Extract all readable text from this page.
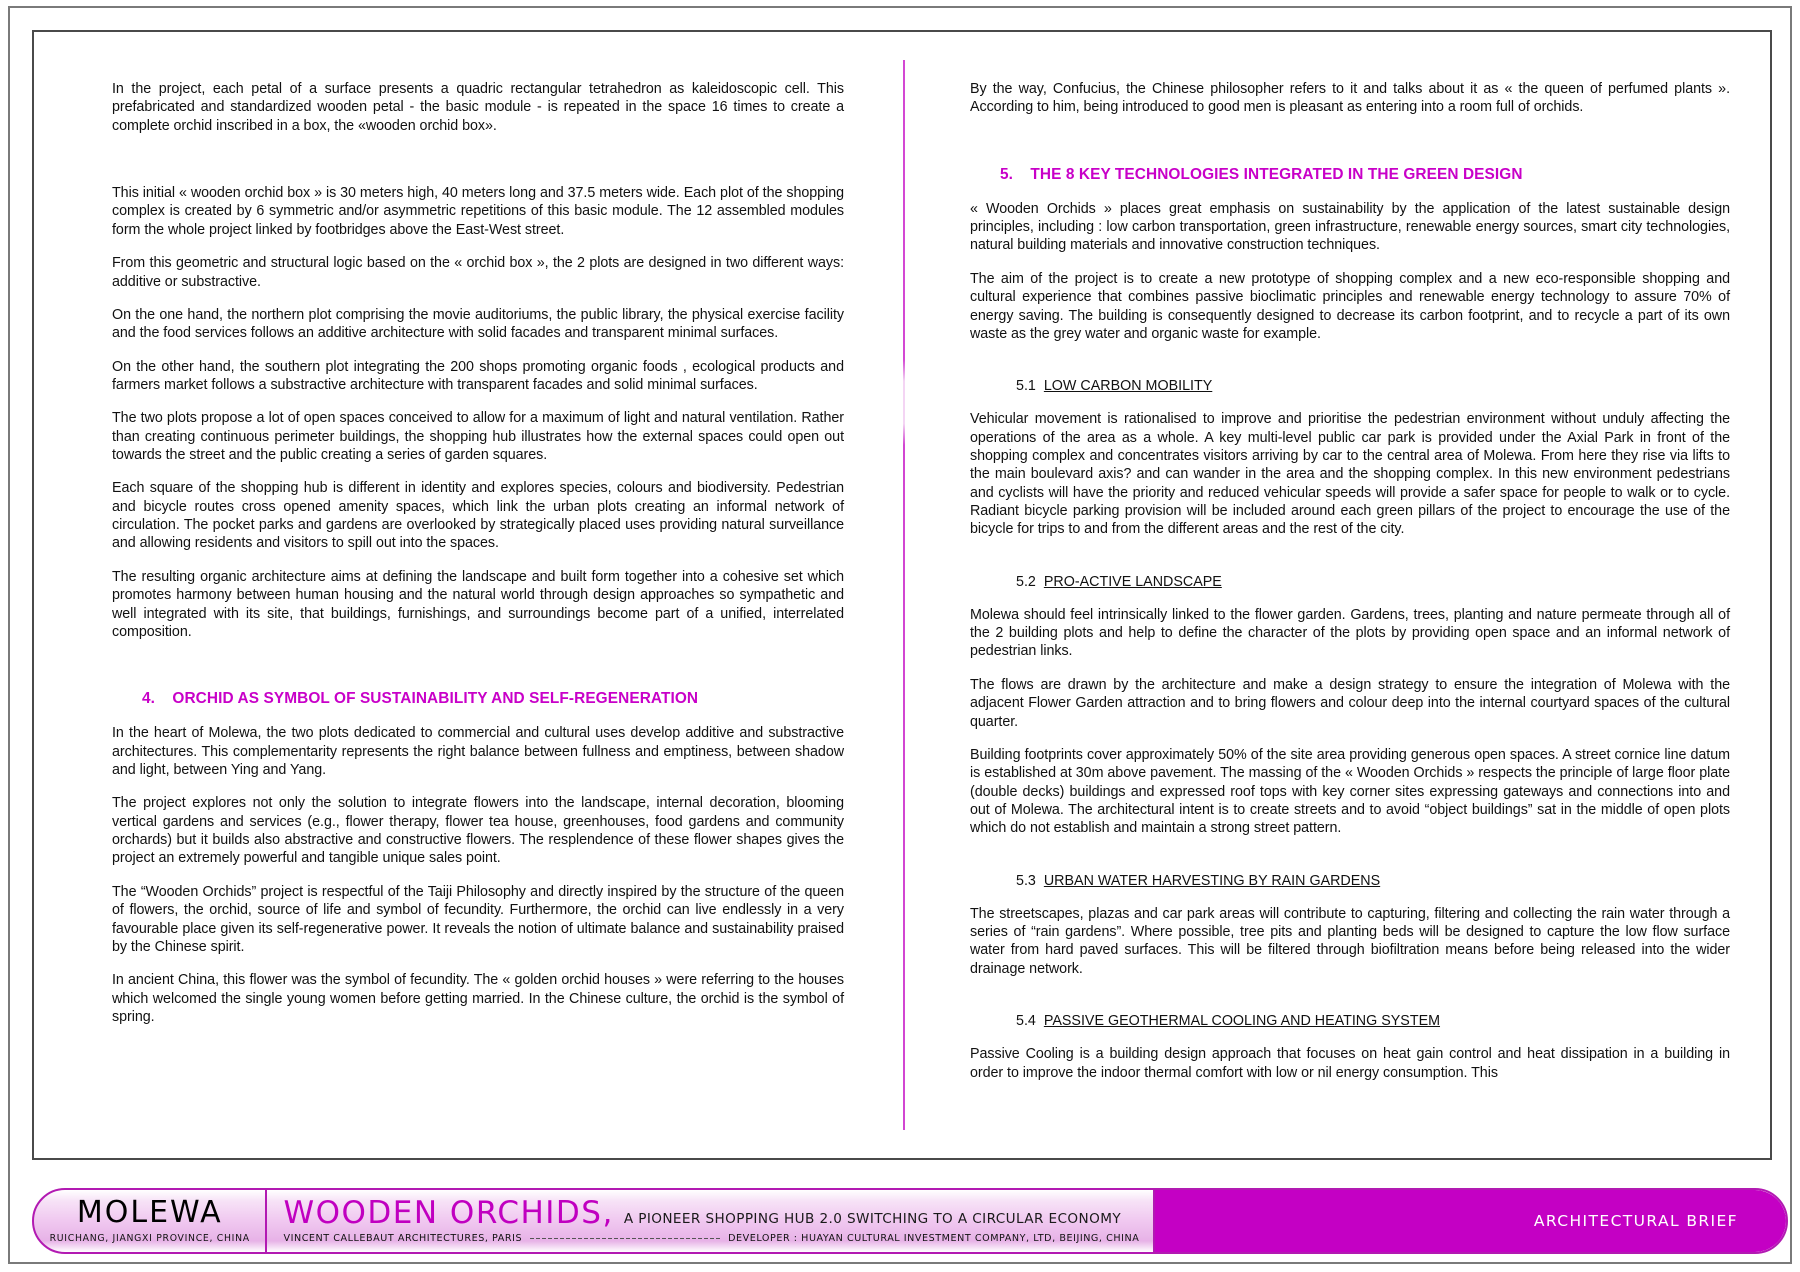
In the project, each petal of a surface presents a quadric rectangular tetrahedron as kaleidoscopic cell. This prefabricated and standardized wooden petal - the basic module - is repeated in the space 16 times to create a complete orchid inscribed in a box, the «wooden orchid box».

This initial « wooden orchid box » is 30 meters high, 40 meters long and 37.5 meters wide. Each plot of the shopping complex is created by 6 symmetric and/or asymmetric repetitions of this basic module. The 12 assembled modules form the whole project linked by footbridges above the East-West street.

From this geometric and structural logic based on the « orchid box », the 2 plots are designed in two different ways: additive or substractive.

On the one hand, the northern plot comprising the movie auditoriums, the public library, the physical exercise facility and the food services follows an additive architecture with solid facades and transparent minimal surfaces.

On the other hand, the southern plot integrating the 200 shops promoting organic foods , ecological products and farmers market follows a substractive architecture with transparent facades and solid minimal surfaces.

The two plots propose a lot of open spaces conceived to allow for a maximum of light and natural ventilation. Rather than creating continuous perimeter buildings, the shopping hub illustrates how the external spaces could open out towards the street and the public creating a series of garden squares.

Each square of the shopping hub is different in identity and explores species, colours and biodiversity. Pedestrian and bicycle routes cross opened amenity spaces, which link the urban plots creating an informal network of circulation. The pocket parks and gardens are overlooked by strategically placed uses providing natural surveillance and allowing residents and visitors to spill out into the spaces.

The resulting organic architecture aims at defining the landscape and built form together into a cohesive set which promotes harmony between human housing and the natural world through design approaches so sympathetic and well integrated with its site, that buildings, furnishings, and surroundings become part of a unified, interrelated composition.

4. ORCHID AS SYMBOL OF SUSTAINABILITY AND SELF-REGENERATION

In the heart of Molewa, the two plots dedicated to commercial and cultural uses develop additive and substractive architectures. This complementarity represents the right balance between fullness and emptiness, between shadow and light, between Ying and Yang.

The project explores not only the solution to integrate flowers into the landscape, internal decoration, blooming vertical gardens and services (e.g., flower therapy, flower tea house, greenhouses, food gardens and community orchards) but it builds also abstractive and constructive flowers. The resplendence of these flower shapes gives the project an extremely powerful and tangible unique sales point.

The “Wooden Orchids” project is respectful of the Taiji Philosophy and directly inspired by the structure of the queen of flowers, the orchid, source of life and symbol of fecundity. Furthermore, the orchid can live endlessly in a very favourable place given its self-regenerative power. It reveals the notion of ultimate balance and sustainability praised by the Chinese spirit.

In ancient China, this flower was the symbol of fecundity. The « golden orchid houses » were referring to the houses which welcomed the single young women before getting married. In the Chinese culture, the orchid is the symbol of spring.

By the way, Confucius, the Chinese philosopher refers to it and talks about it as « the queen of perfumed plants ». According to him, being introduced to good men is pleasant as entering into a room full of orchids.

5. THE 8 KEY TECHNOLOGIES INTEGRATED IN THE GREEN DESIGN

« Wooden Orchids » places great emphasis on sustainability by the application of the latest sustainable design principles, including : low carbon transportation, green infrastructure, renewable energy sources, smart city technologies, natural building materials and innovative construction techniques.

The aim of the project is to create a new prototype of shopping complex and a new eco-responsible shopping and cultural experience that combines passive bioclimatic principles and renewable energy technology to assure 70% of energy saving. The building is consequently designed to decrease its carbon footprint, and to recycle a part of its own waste as the grey water and organic waste for example.

5.1 LOW CARBON MOBILITY

Vehicular movement is rationalised to improve and prioritise the pedestrian environment without unduly affecting the operations of the area as a whole. A key multi-level public car park is provided under the Axial Park in front of the shopping complex and concentrates visitors arriving by car to the central area of Molewa. From here they rise via lifts to the main boulevard axis? and can wander in the area and the shopping complex. In this new environment pedestrians and cyclists will have the priority and reduced vehicular speeds will provide a safer space for people to walk or to cycle. Radiant bicycle parking provision will be included around each green pillars of the project to encourage the use of the bicycle for trips to and from the different areas and the rest of the city.

5.2 PRO-ACTIVE LANDSCAPE

Molewa should feel intrinsically linked to the flower garden. Gardens, trees, planting and nature permeate through all of the 2 building plots and help to define the character of the plots by providing open space and an informal network of pedestrian links.

The flows are drawn by the architecture and make a design strategy to ensure the integration of Molewa with the adjacent Flower Garden attraction and to bring flowers and colour deep into the internal courtyard spaces of the cultural quarter.

Building footprints cover approximately 50% of the site area providing generous open spaces. A street cornice line datum is established at 30m above pavement. The massing of the « Wooden Orchids » respects the principle of large floor plate (double decks) buildings and expressed roof tops with key corner sites expressing gateways and connections into and out of Molewa. The architectural intent is to create streets and to avoid “object buildings” sat in the middle of open plots which do not establish and maintain a strong street pattern.

5.3 URBAN WATER HARVESTING BY RAIN GARDENS

The streetscapes, plazas and car park areas will contribute to capturing, filtering and collecting the rain water through a series of “rain gardens”. Where possible, tree pits and planting beds will be designed to capture the low flow surface water from hard paved surfaces. This will be filtered through biofiltration means before being released into the wider drainage network.

5.4 PASSIVE GEOTHERMAL COOLING AND HEATING SYSTEM

Passive Cooling is a building design approach that focuses on heat gain control and heat dissipation in a building in order to improve the indoor thermal comfort with low or nil energy consumption. This

MOLEWA
RUICHANG, JIANGXI PROVINCE, CHINA
WOODEN ORCHIDS, A PIONEER SHOPPING HUB 2.0 SWITCHING TO A CIRCULAR ECONOMY
VINCENT CALLEBAUT ARCHITECTURES, PARIS	DEVELOPER : HUAYAN CULTURAL INVESTMENT COMPANY, LTD, BEIJING, CHINA
ARCHITECTURAL BRIEF
